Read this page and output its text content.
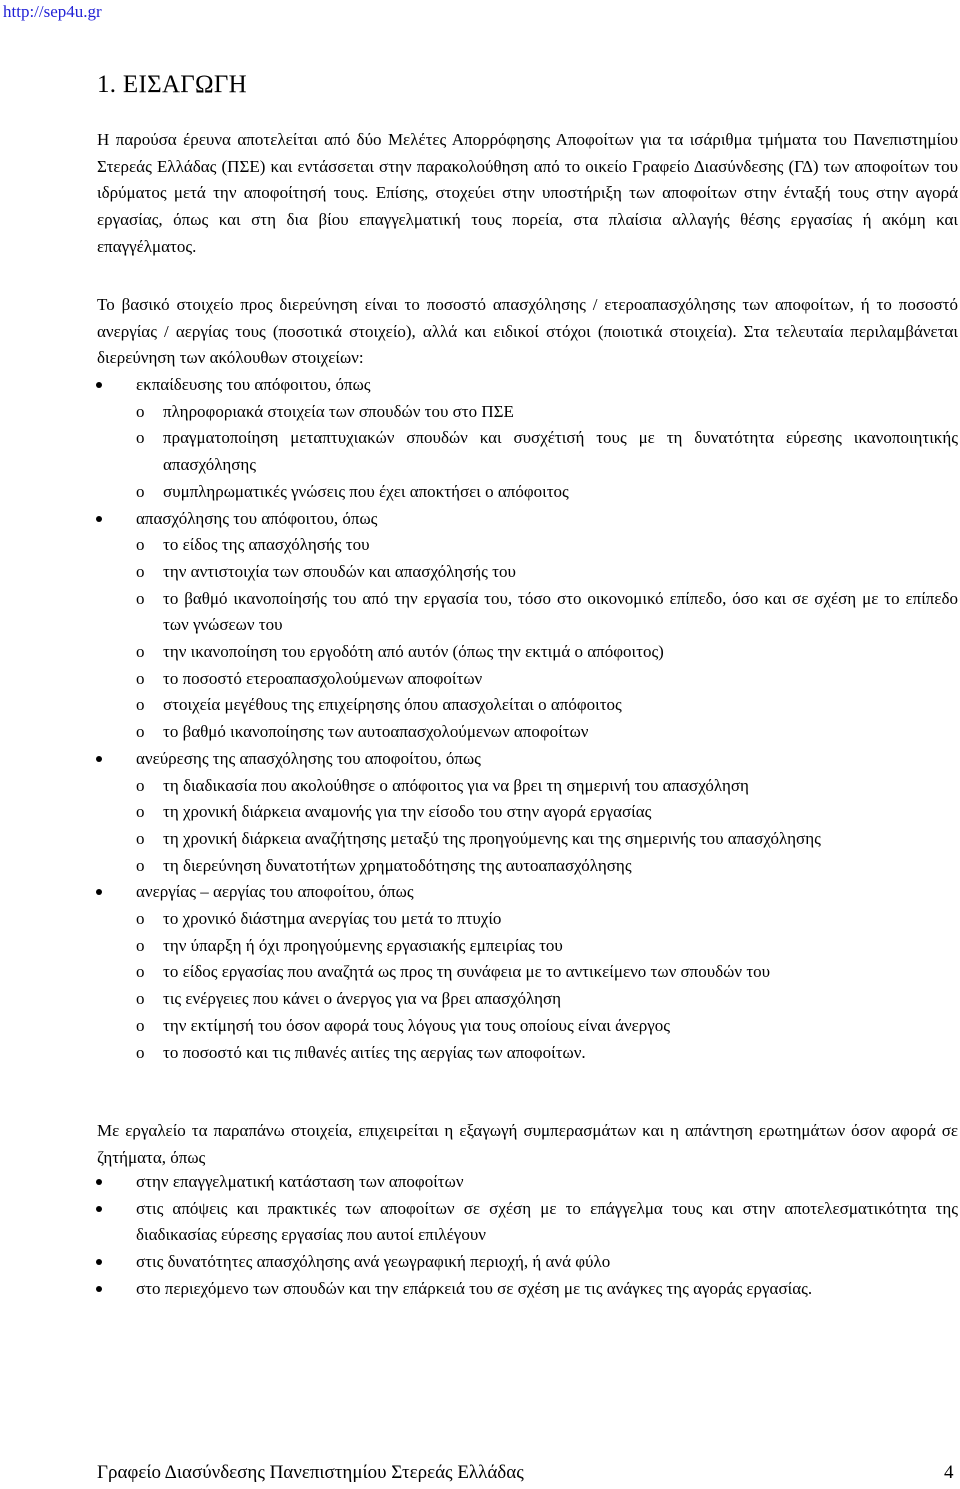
http://sep4u.gr
1. ΕΙΣΑΓΩΓΗ

Η παρούσα έρευνα αποτελείται από δύο Μελέτες Απορρόφησης Αποφοίτων για τα ισάριθμα τμήματα του Πανεπιστημίου Στερεάς Ελλάδας (ΠΣΕ) και εντάσσεται στην παρακολούθηση από το οικείο Γραφείο Διασύνδεσης (ΓΔ) των αποφοίτων του ιδρύματος μετά την αποφοίτησή τους. Επίσης, στοχεύει στην υποστήριξη των αποφοίτων στην ένταξή τους στην αγορά εργασίας, όπως και στη δια βίου επαγγελματική τους πορεία, στα πλαίσια αλλαγής θέσης εργασίας ή ακόμη και επαγγέλματος.

Το βασικό στοιχείο προς διερεύνηση είναι το ποσοστό απασχόλησης / ετεροαπασχόλησης των αποφοίτων, ή το ποσοστό ανεργίας / αεργίας τους (ποσοτικά στοιχείο), αλλά και ειδικοί στόχοι (ποιοτικά στοιχεία). Στα τελευταία περιλαμβάνεται διερεύνηση των ακόλουθων στοιχείων:

εκπαίδευσης του απόφοιτου, όπως
o πληροφοριακά στοιχεία των σπουδών του στο ΠΣΕ
o πραγματοποίηση μεταπτυχιακών σπουδών και συσχέτισή τους με τη δυνατότητα εύρεσης ικανοποιητικής απασχόλησης
o συμπληρωματικές γνώσεις που έχει αποκτήσει ο απόφοιτος
απασχόλησης του απόφοιτου, όπως
o το είδος της απασχόλησής του
o την αντιστοιχία των σπουδών και απασχόλησής του
o το βαθμό ικανοποίησής του από την εργασία του, τόσο στο οικονομικό επίπεδο, όσο και σε σχέση με το επίπεδο των γνώσεων του
o την ικανοποίηση του εργοδότη από αυτόν (όπως την εκτιμά ο απόφοιτος)
o το ποσοστό ετεροαπασχολούμενων αποφοίτων
o στοιχεία μεγέθους της επιχείρησης όπου απασχολείται ο απόφοιτος
o το βαθμό ικανοποίησης των αυτοαπασχολούμενων αποφοίτων
ανεύρεσης της απασχόλησης του αποφοίτου, όπως
o τη διαδικασία που ακολούθησε ο απόφοιτος για να βρει τη σημερινή του απασχόληση
o τη χρονική διάρκεια αναμονής για την είσοδο του στην αγορά εργασίας
o τη χρονική διάρκεια αναζήτησης μεταξύ της προηγούμενης και της σημερινής του απασχόλησης
o τη διερεύνηση δυνατοτήτων χρηματοδότησης της αυτοαπασχόλησης
ανεργίας – αεργίας του αποφοίτου, όπως
o το χρονικό διάστημα ανεργίας του μετά το πτυχίο
o την ύπαρξη ή όχι προηγούμενης εργασιακής εμπειρίας του
o το είδος εργασίας που αναζητά ως προς τη συνάφεια με το αντικείμενο των σπουδών του
o τις ενέργειες που κάνει ο άνεργος για να βρει απασχόληση
o την εκτίμησή του όσον αφορά τους λόγους για τους οποίους είναι άνεργος
o το ποσοστό και τις πιθανές αιτίες της αεργίας των αποφοίτων.

Με εργαλείο τα παραπάνω στοιχεία, επιχειρείται η εξαγωγή συμπερασμάτων και η απάντηση ερωτημάτων όσον αφορά σε ζητήματα, όπως

στην επαγγελματική κατάσταση των αποφοίτων
στις απόψεις και πρακτικές των αποφοίτων σε σχέση με το επάγγελμα τους και στην αποτελεσματικότητα της διαδικασίας εύρεσης εργασίας που αυτοί επιλέγουν
στις δυνατότητες απασχόλησης ανά γεωγραφική περιοχή, ή ανά φύλο
στο περιεχόμενο των σπουδών και την επάρκειά του σε σχέση με τις ανάγκες της αγοράς εργασίας.
Γραφείο Διασύνδεσης Πανεπιστημίου Στερεάς Ελλάδας	4
